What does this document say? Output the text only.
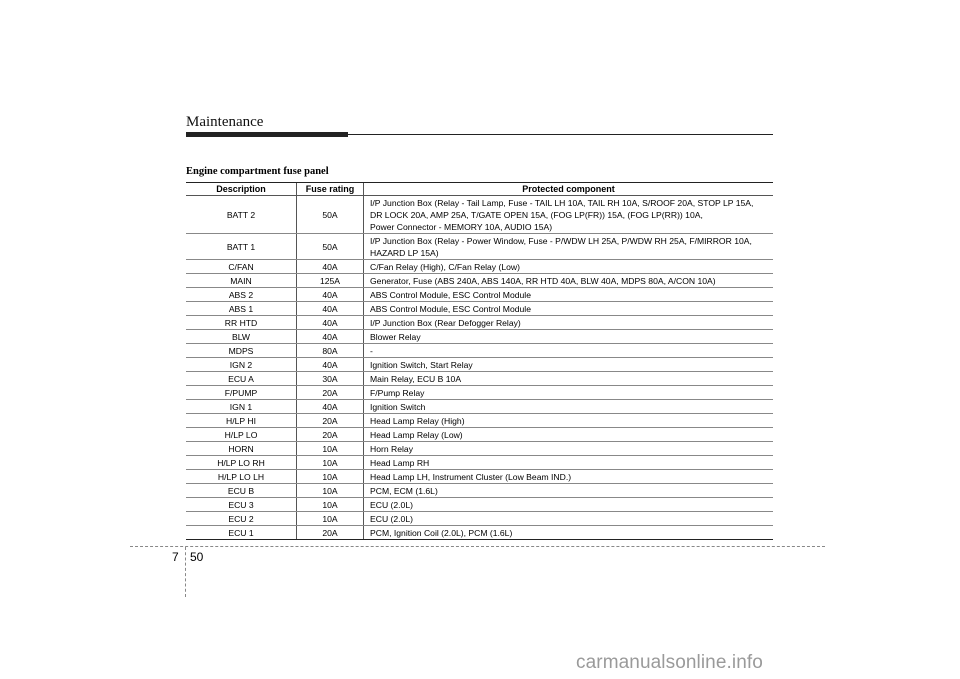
Maintenance
Engine compartment fuse panel
Description	Fuse rating	Protected component
BATT 2	50A	I/P Junction Box (Relay - Tail Lamp, Fuse - TAIL LH 10A, TAIL RH 10A, S/ROOF 20A, STOP LP 15A,
DR LOCK 20A, AMP 25A, T/GATE OPEN 15A, (FOG LP(FR)) 15A, (FOG LP(RR)) 10A,
Power Connector - MEMORY 10A, AUDIO 15A)

BATT 1	50A	I/P Junction Box (Relay - Power Window, Fuse - P/WDW LH 25A, P/WDW RH 25A, F/MIRROR 10A,
HAZARD LP 15A)

C/FAN	40A	C/Fan Relay (High), C/Fan Relay (Low)

MAIN	125A	Generator, Fuse (ABS 240A, ABS 140A, RR HTD 40A, BLW 40A, MDPS 80A, A/CON 10A)

ABS 2	40A	ABS Control Module, ESC Control Module

ABS 1	40A	ABS Control Module, ESC Control Module

RR HTD	40A	I/P Junction Box (Rear Defogger Relay)

BLW	40A	Blower Relay

MDPS	80A	-

IGN 2	40A	Ignition Switch, Start Relay

ECU A	30A	Main Relay, ECU B 10A

F/PUMP	20A	F/Pump Relay

IGN 1	40A	Ignition Switch

H/LP HI	20A	Head Lamp Relay (High)

H/LP LO	20A	Head Lamp Relay (Low)

HORN	10A	Horn Relay

H/LP LO RH	10A	Head Lamp RH

H/LP LO LH	10A	Head Lamp LH, Instrument Cluster (Low Beam IND.)

ECU B	10A	PCM, ECM (1.6L)

ECU 3	10A	ECU (2.0L)

ECU 2	10A	ECU (2.0L)

ECU 1	20A	PCM, Ignition Coil (2.0L), PCM (1.6L)
7 50
carmanualsonline.info
